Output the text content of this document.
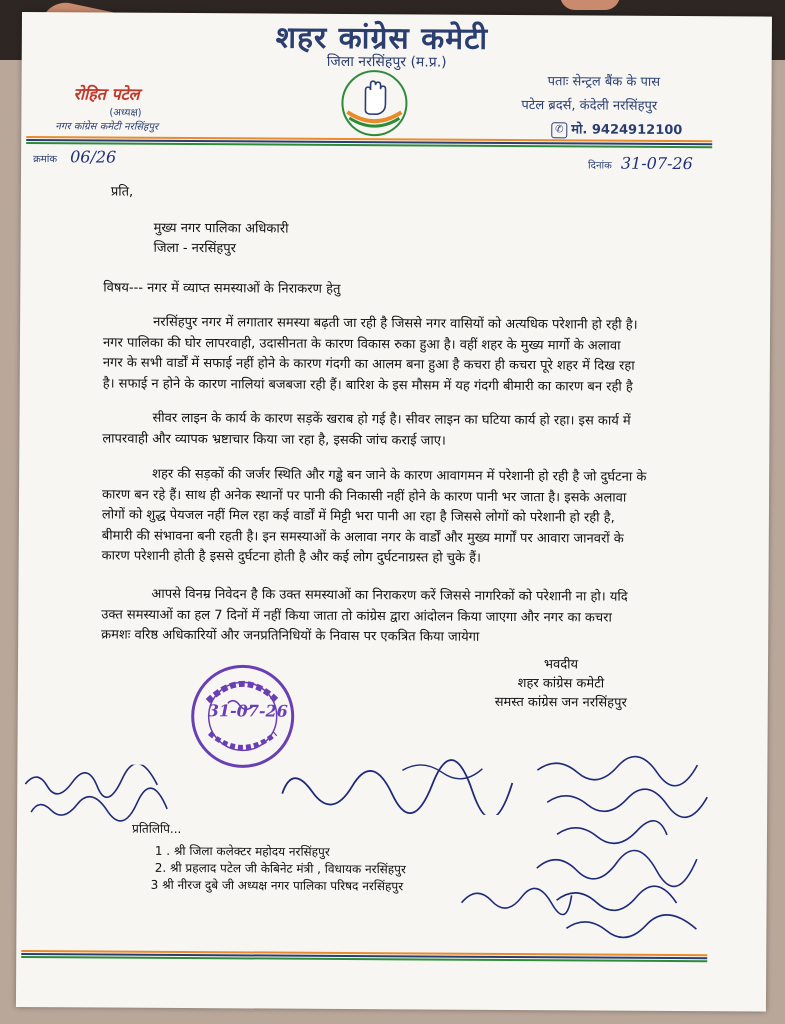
शहर कांग्रेस कमेटी
जिला नरसिंहपुर (म.प्र.)
रोहित पटेल
(अध्यक्ष)
नगर कांग्रेस कमेटी नरसिंहपुर
पताः सेन्ट्रल बैंक के पास
पटेल ब्रदर्स, कंदेली नरसिंहपुर
✆ मो. 9424912100
क्रमांक 06/26	दिनांक 31-07-26
प्रति,
मुख्य नगर पालिका अधिकारी
जिला - नरसिंहपुर
विषय--- नगर में व्याप्त समस्याओं के निराकरण हेतु
नरसिंहपुर नगर में लगातार समस्या बढ़ती जा रही है जिससे नगर वासियों को अत्यधिक परेशानी हो रही है।
नगर पालिका की घोर लापरवाही, उदासीनता के कारण विकास रुका हुआ है। वहीं शहर के मुख्य मार्गो के अलावा
नगर के सभी वार्डों में सफाई नहीं होने के कारण गंदगी का आलम बना हुआ है कचरा ही कचरा पूरे शहर में दिख रहा
है। सफाई न होने के कारण नालियां बजबजा रही हैं। बारिश के इस मौसम में यह गंदगी बीमारी का कारण बन रही है
सीवर लाइन के कार्य के कारण सड़कें खराब हो गई है। सीवर लाइन का घटिया कार्य हो रहा। इस कार्य में
लापरवाही और व्यापक भ्रष्टाचार किया जा रहा है, इसकी जांच कराई जाए।
शहर की सड़कों की जर्जर स्थिति और गड्ढे बन जाने के कारण आवागमन में परेशानी हो रही है जो दुर्घटना के
कारण बन रहे हैं। साथ ही अनेक स्थानों पर पानी की निकासी नहीं होने के कारण पानी भर जाता है। इसके अलावा
लोगों को शुद्ध पेयजल नहीं मिल रहा कई वार्डों में मिट्टी भरा पानी आ रहा है जिससे लोगों को परेशानी हो रही है,
बीमारी की संभावना बनी रहती है। इन समस्याओं के अलावा नगर के वार्डों और मुख्य मार्गों पर आवारा जानवरों के
कारण परेशानी होती है इससे दुर्घटना होती है और कई लोग दुर्घटनाग्रस्त हो चुके हैं।
आपसे विनम्र निवेदन है कि उक्त समस्याओं का निराकरण करें जिससे नागरिकों को परेशानी ना हो। यदि
उक्त समस्याओं का हल 7 दिनों में नहीं किया जाता तो कांग्रेस द्वारा आंदोलन किया जाएगा और नगर का कचरा
क्रमशः वरिष्ठ अधिकारियों और जनप्रतिनिधियों के निवास पर एकत्रित किया जायेगा
भवदीय
शहर कांग्रेस कमेटी
समस्त कांग्रेस जन नरसिंहपुर
31-07-26
प्रतिलिपि...
1 . श्री जिला कलेक्टर महोदय नरसिंहपुर
2. श्री प्रहलाद पटेल जी केबिनेट मंत्री , विधायक नरसिंहपुर
3 श्री नीरज दुबे जी अध्यक्ष नगर पालिका परिषद नरसिंहपुर
